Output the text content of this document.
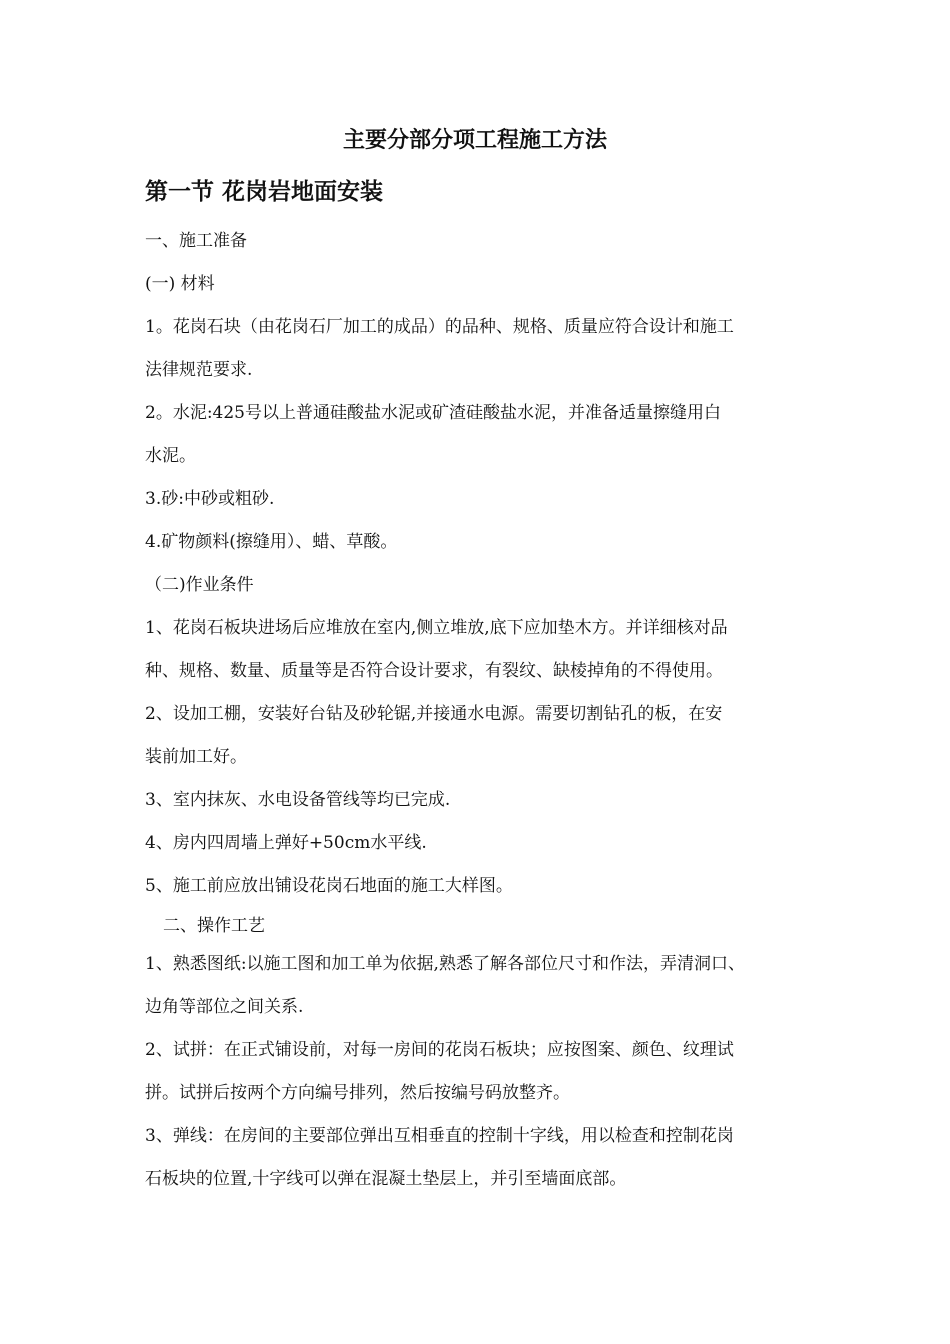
主要分部分项工程施工方法
第一节 花岗岩地面安装
一、施工准备
(一) 材料
1。花岗石块（由花岗石厂加工的成品）的品种、规格、质量应符合设计和施工
法律规范要求.
2。水泥:425号以上普通硅酸盐水泥或矿渣硅酸盐水泥，并准备适量擦缝用白
水泥。
3.砂:中砂或粗砂.
4.矿物颜料(擦缝用）、蜡、草酸。
（二)作业条件
1、花岗石板块进场后应堆放在室内,侧立堆放,底下应加垫木方。并详细核对品
种、规格、数量、质量等是否符合设计要求，有裂纹、缺棱掉角的不得使用。
2、设加工棚，安装好台钻及砂轮锯,并接通水电源。需要切割钻孔的板，在安
装前加工好。
3、室内抹灰、水电设备管线等均已完成.
4、房内四周墙上弹好+50cm水平线.
5、施工前应放出铺设花岗石地面的施工大样图。
二、操作工艺
1、熟悉图纸:以施工图和加工单为依据,熟悉了解各部位尺寸和作法，弄清洞口、
边角等部位之间关系.
2、试拼：在正式铺设前，对每一房间的花岗石板块；应按图案、颜色、纹理试
拼。试拼后按两个方向编号排列，然后按编号码放整齐。
3、弹线：在房间的主要部位弹出互相垂直的控制十字线，用以检查和控制花岗
石板块的位置,十字线可以弹在混凝土垫层上，并引至墙面底部。
